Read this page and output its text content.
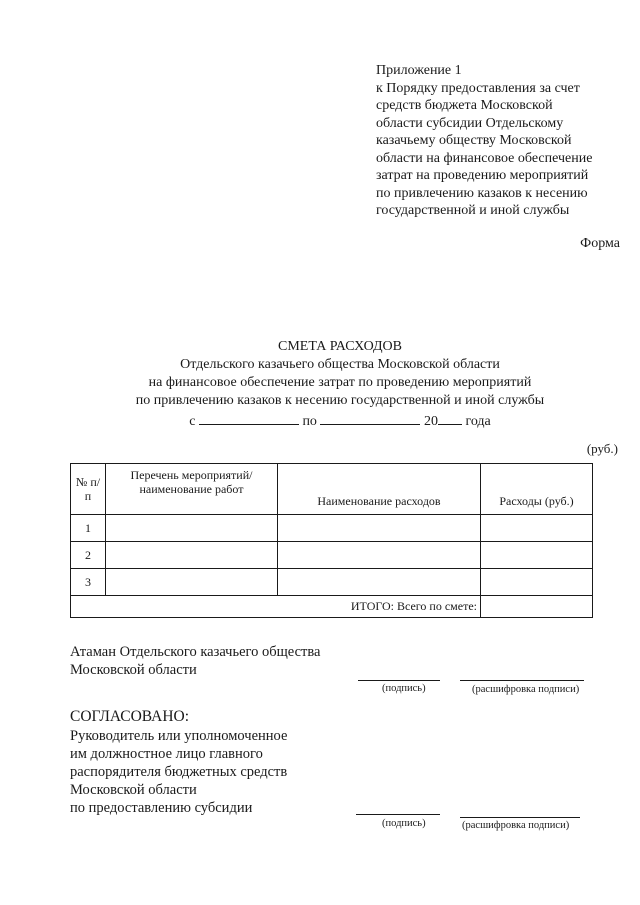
Приложение 1
к Порядку предоставления за счет
средств бюджета Московской
области субсидии Отдельскому
казачьему обществу Московской
области на финансовое обеспечение
затрат на проведению мероприятий
по привлечению казаков к несению
государственной и иной службы
Форма
СМЕТА РАСХОДОВ
Отдельского казачьего общества Московской области
на финансовое обеспечение затрат по проведению мероприятий
по привлечению казаков к несению государственной и иной службы
с	по	20 года
(руб.)
№ п/п	Перечень мероприятий/ наименование работ	Наименование расходов	Расходы (руб.)
1			
2			
3			
ИТОГО: Всего по смете:			
Атаман Отдельского казачьего общества
Московской области
(подпись)	(расшифровка подписи)
СОГЛАСОВАНО:
Руководитель или уполномоченное
им должностное лицо главного
распорядителя бюджетных средств
Московской области
по предоставлению субсидии
(подпись)	(расшифровка подписи)
